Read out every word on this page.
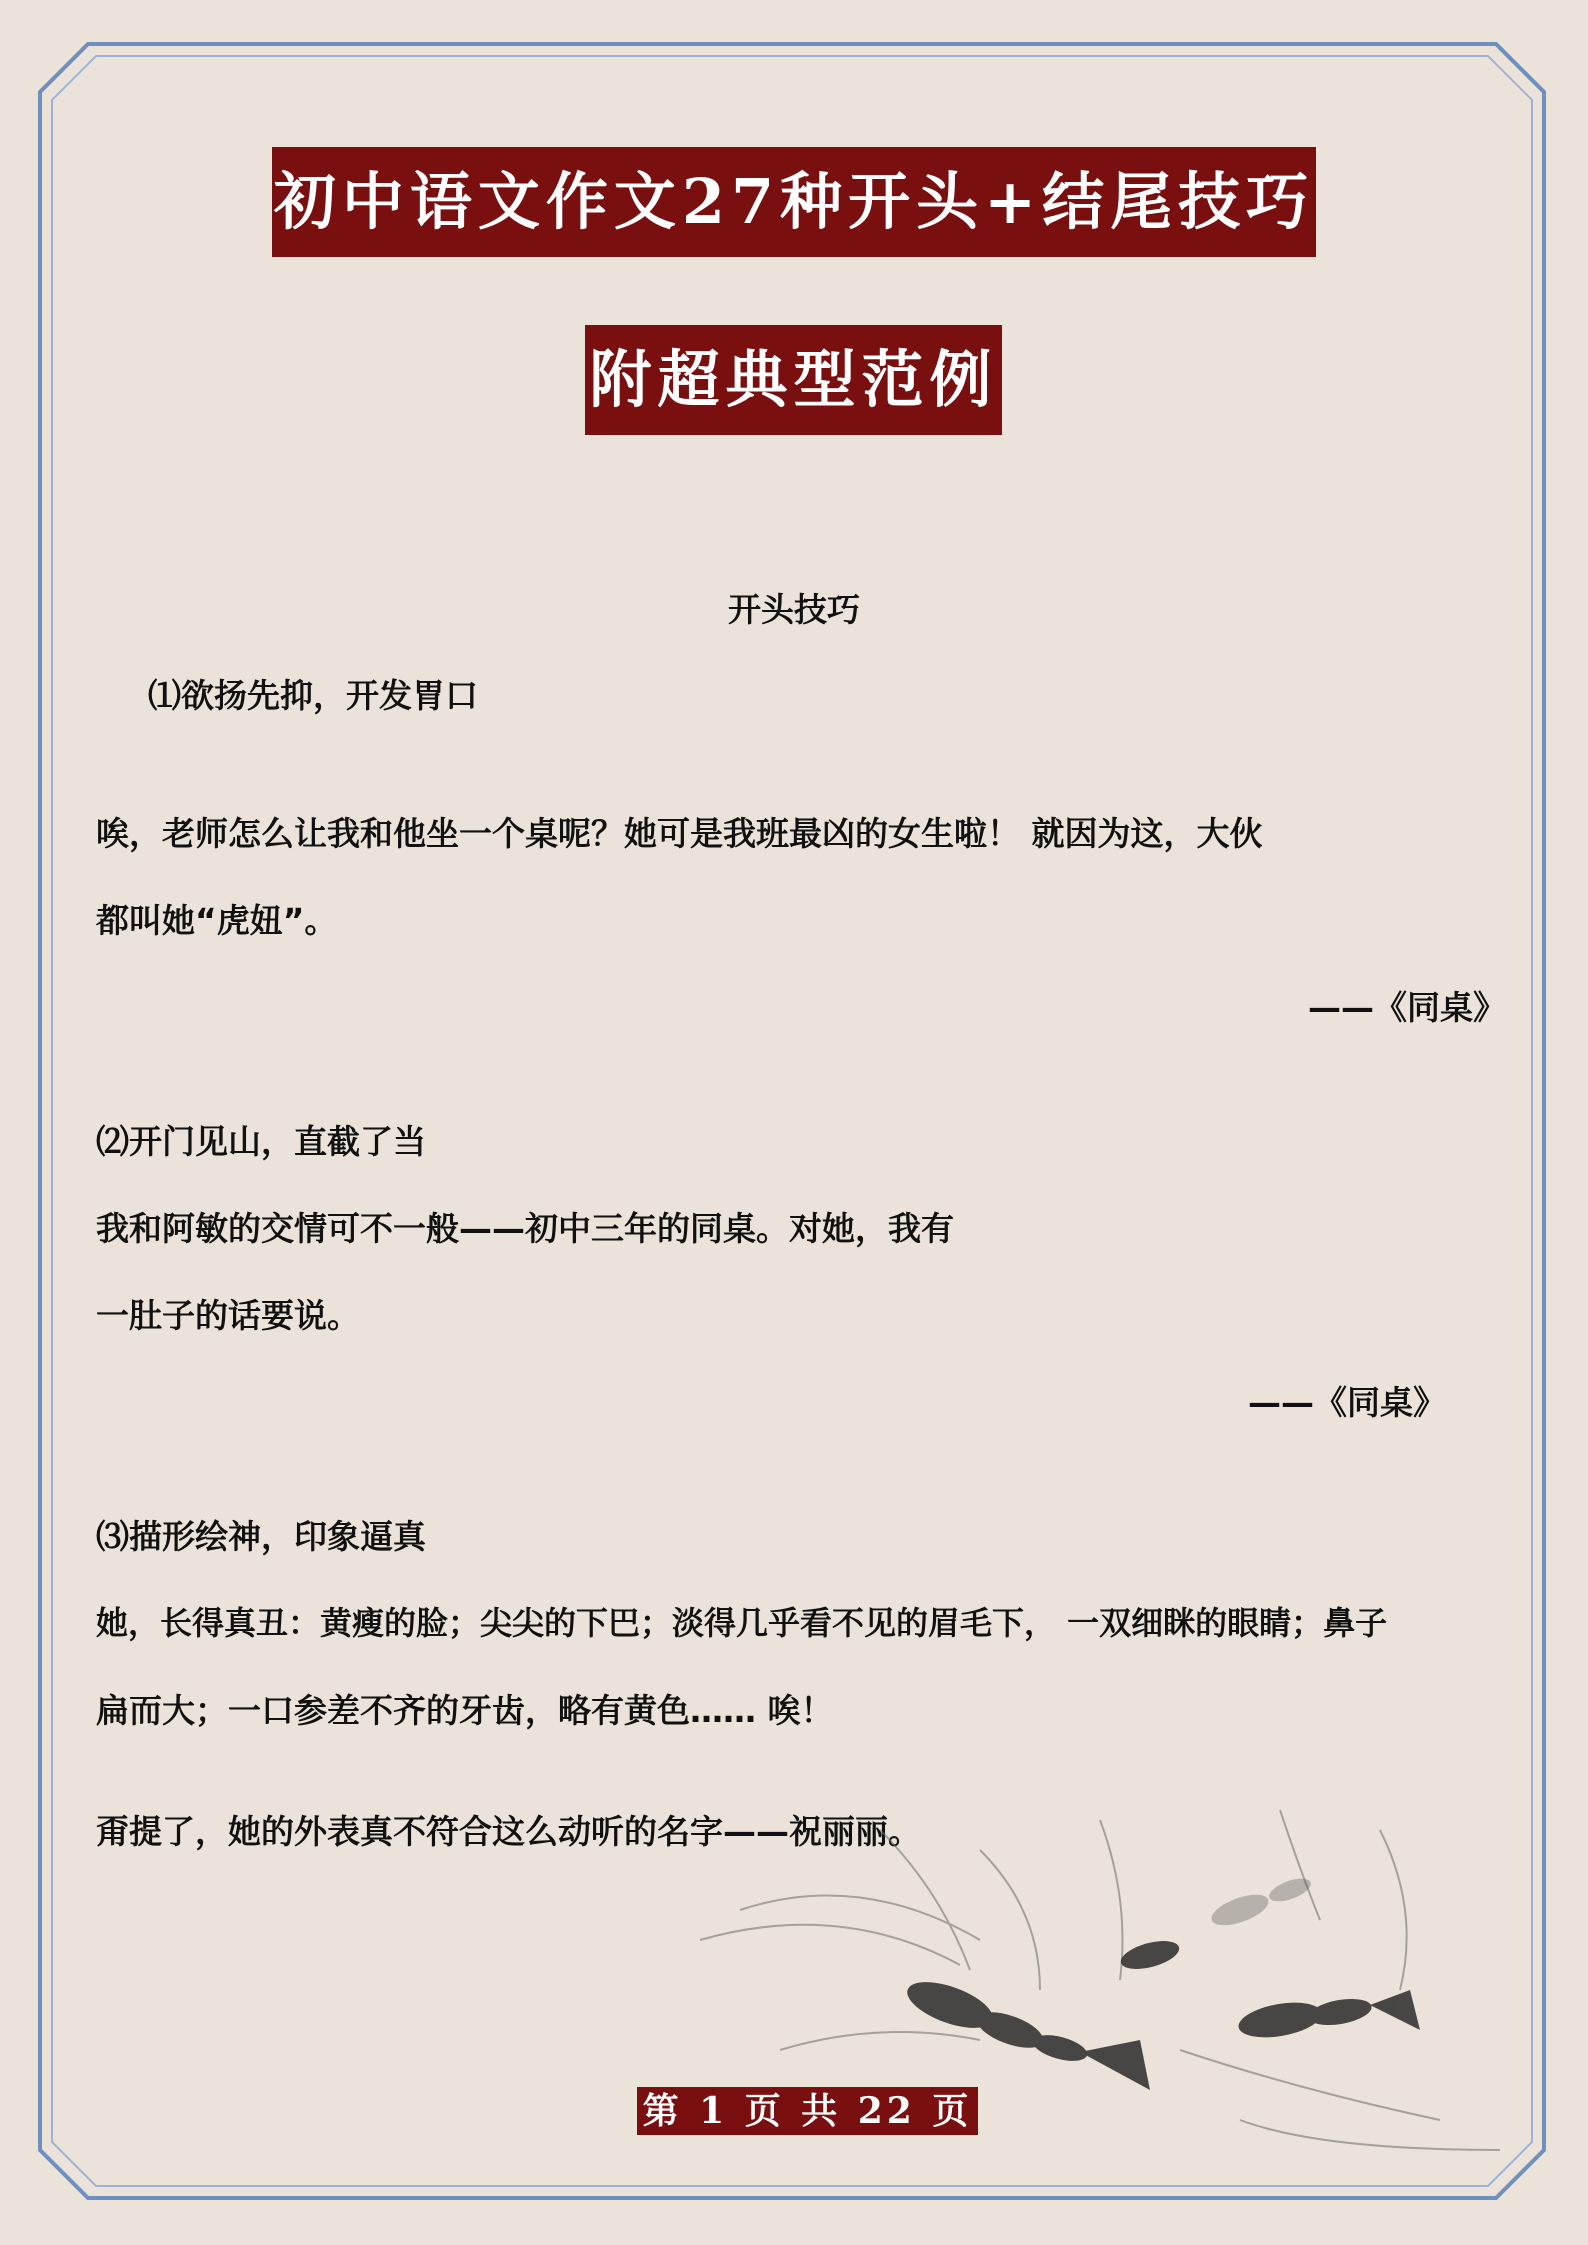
初中语文作文27种开头+结尾技巧
附超典型范例
开头技巧
⑴欲扬先抑，开发胃口
唉，老师怎么让我和他坐一个桌呢？她可是我班最凶的女生啦！ 就因为这，大伙
都叫她“虎妞”。
——《同桌》
⑵开门见山，直截了当
我和阿敏的交情可不一般——初中三年的同桌。对她，我有
一肚子的话要说。
——《同桌》
⑶描形绘神，印象逼真
她，长得真丑：黄瘦的脸；尖尖的下巴；淡得几乎看不见的眉毛下， 一双细眯的眼睛；鼻子
扁而大；一口参差不齐的牙齿，略有黄色…… 唉！
甭提了，她的外表真不符合这么动听的名字——祝丽丽。
第 1 页 共 22 页
